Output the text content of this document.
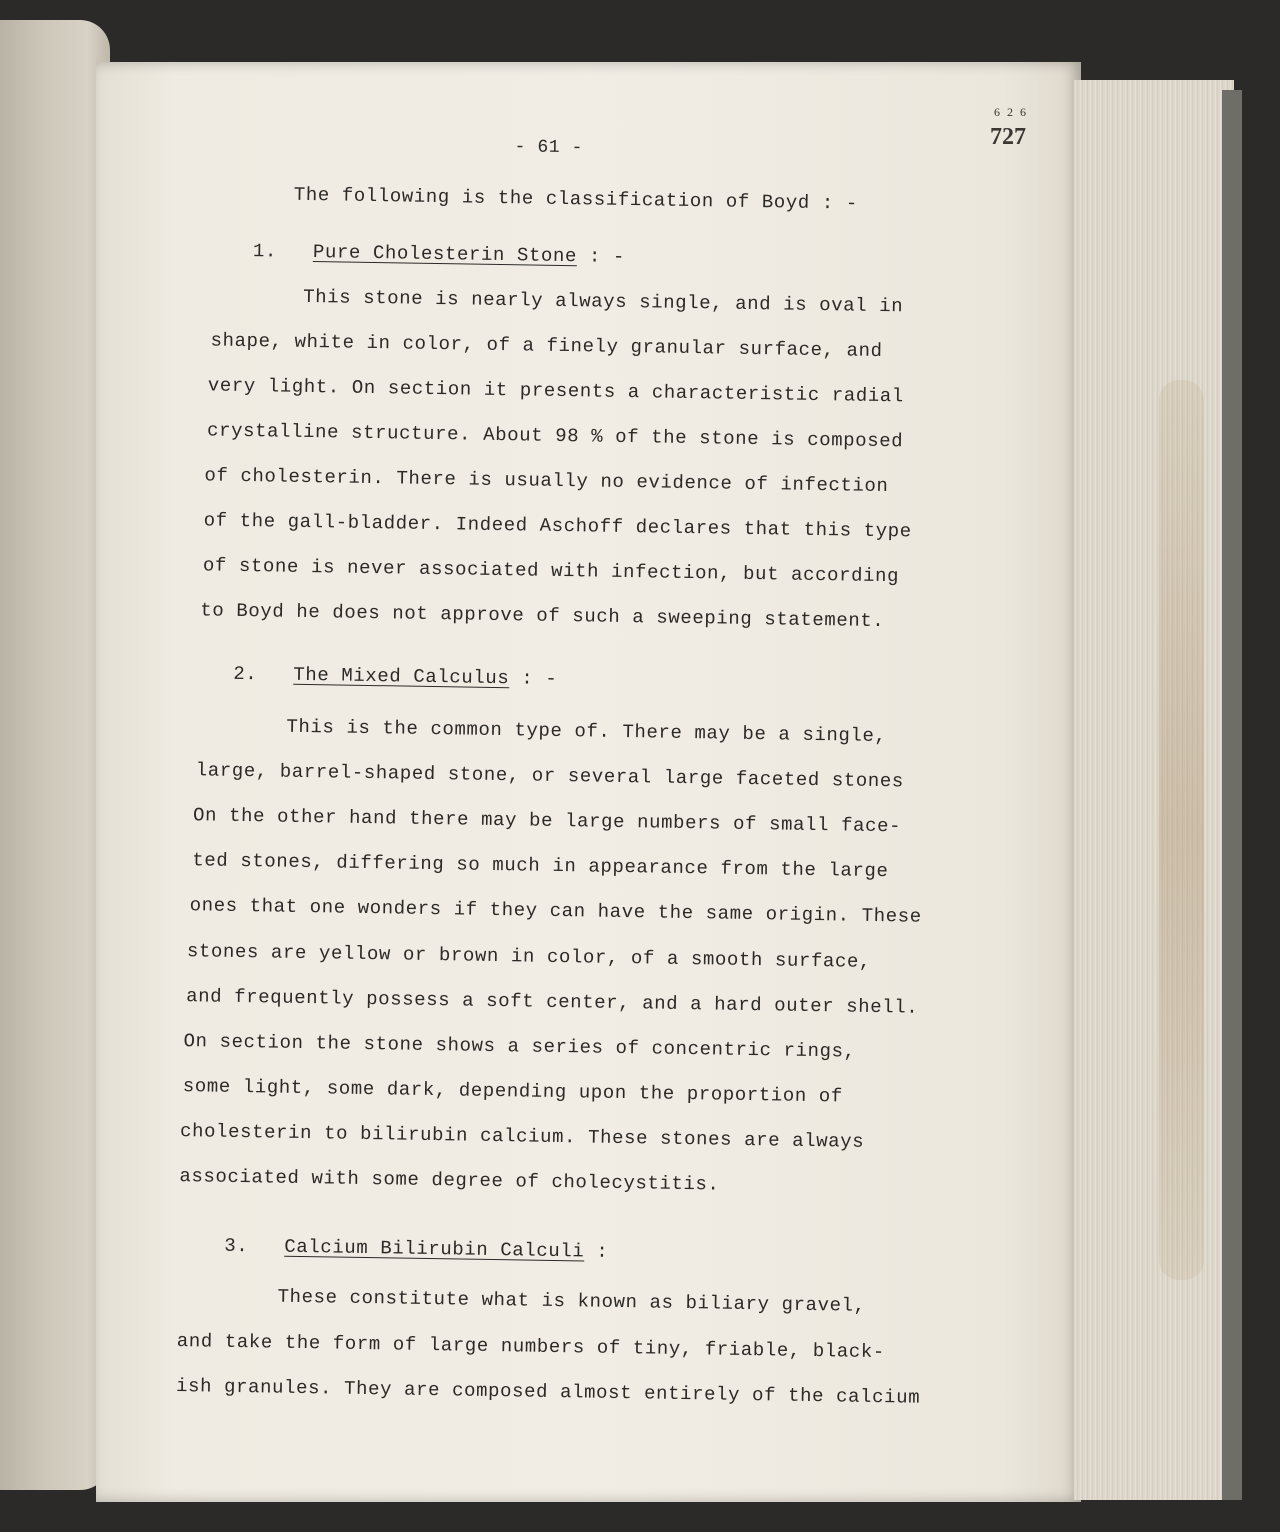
6 2 6
727
- 61 -
The following is the classification of Boyd : -
1. Pure Cholesterin Stone : -
This stone is nearly always single, and is oval in
shape, white in color, of a finely granular surface, and
very light. On section it presents a characteristic radial
crystalline structure. About 98 % of the stone is composed
of cholesterin. There is usually no evidence of infection
of the gall-bladder. Indeed Aschoff declares that this type
of stone is never associated with infection, but according
to Boyd he does not approve of such a sweeping statement.
2. The Mixed Calculus : -
This is the common type of. There may be a single,
large, barrel-shaped stone, or several large faceted stones
On the other hand there may be large numbers of small face-
ted stones, differing so much in appearance from the large
ones that one wonders if they can have the same origin. These
stones are yellow or brown in color, of a smooth surface,
and frequently possess a soft center, and a hard outer shell.
On section the stone shows a series of concentric rings,
some light, some dark, depending upon the proportion of
cholesterin to bilirubin calcium. These stones are always
associated with some degree of cholecystitis.
3. Calcium Bilirubin Calculi :
These constitute what is known as biliary gravel,
and take the form of large numbers of tiny, friable, black-
ish granules. They are composed almost entirely of the calcium
